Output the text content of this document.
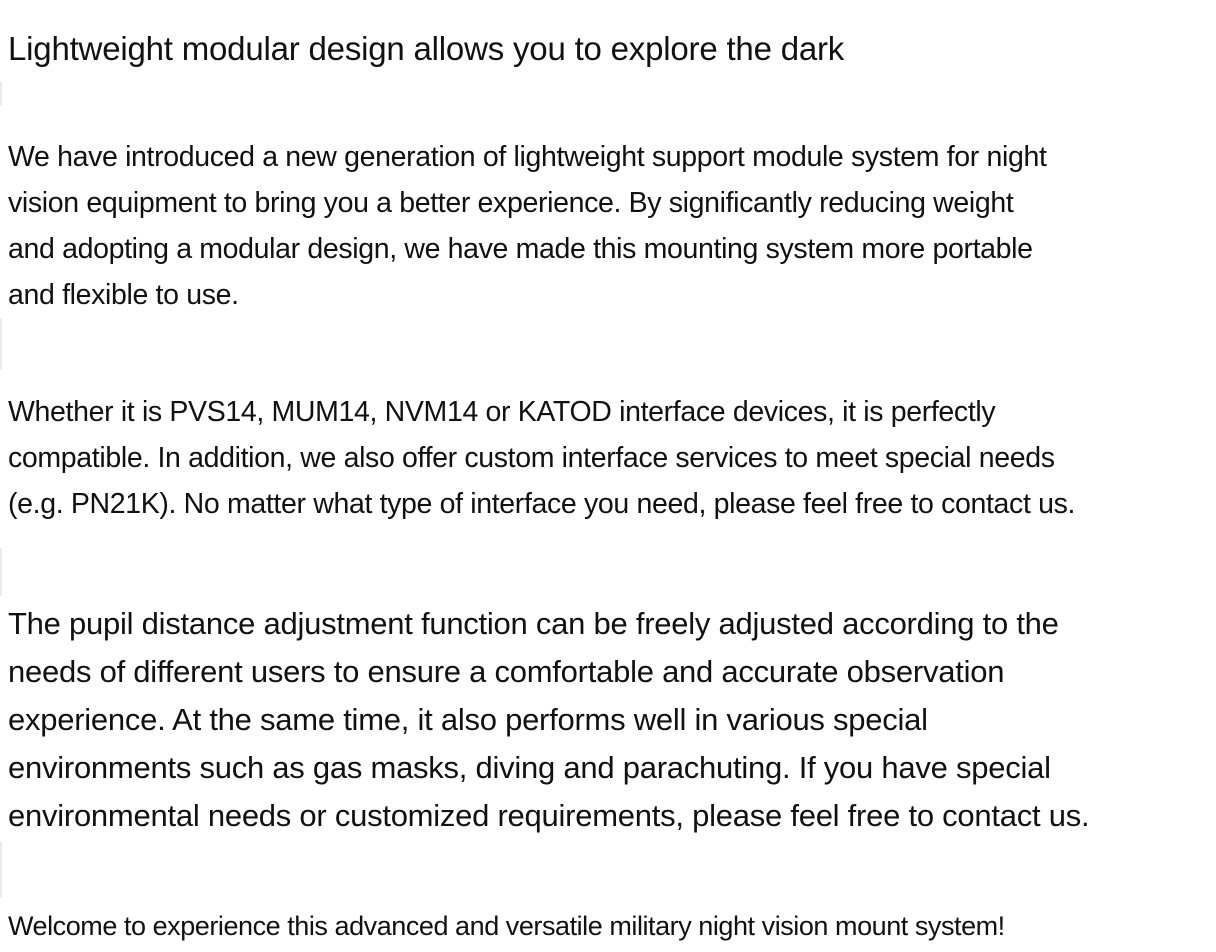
Lightweight modular design allows you to explore the dark

We have introduced a new generation of lightweight support module system for night
vision equipment to bring you a better experience. By significantly reducing weight
and adopting a modular design, we have made this mounting system more portable
and flexible to use.

Whether it is PVS14, MUM14, NVM14 or KATOD interface devices, it is perfectly
compatible. In addition, we also offer custom interface services to meet special needs
(e.g. PN21K). No matter what type of interface you need, please feel free to contact us.

The pupil distance adjustment function can be freely adjusted according to the
needs of different users to ensure a comfortable and accurate observation
experience. At the same time, it also performs well in various special
environments such as gas masks, diving and parachuting. If you have special
environmental needs or customized requirements, please feel free to contact us.

Welcome to experience this advanced and versatile military night vision mount system!
